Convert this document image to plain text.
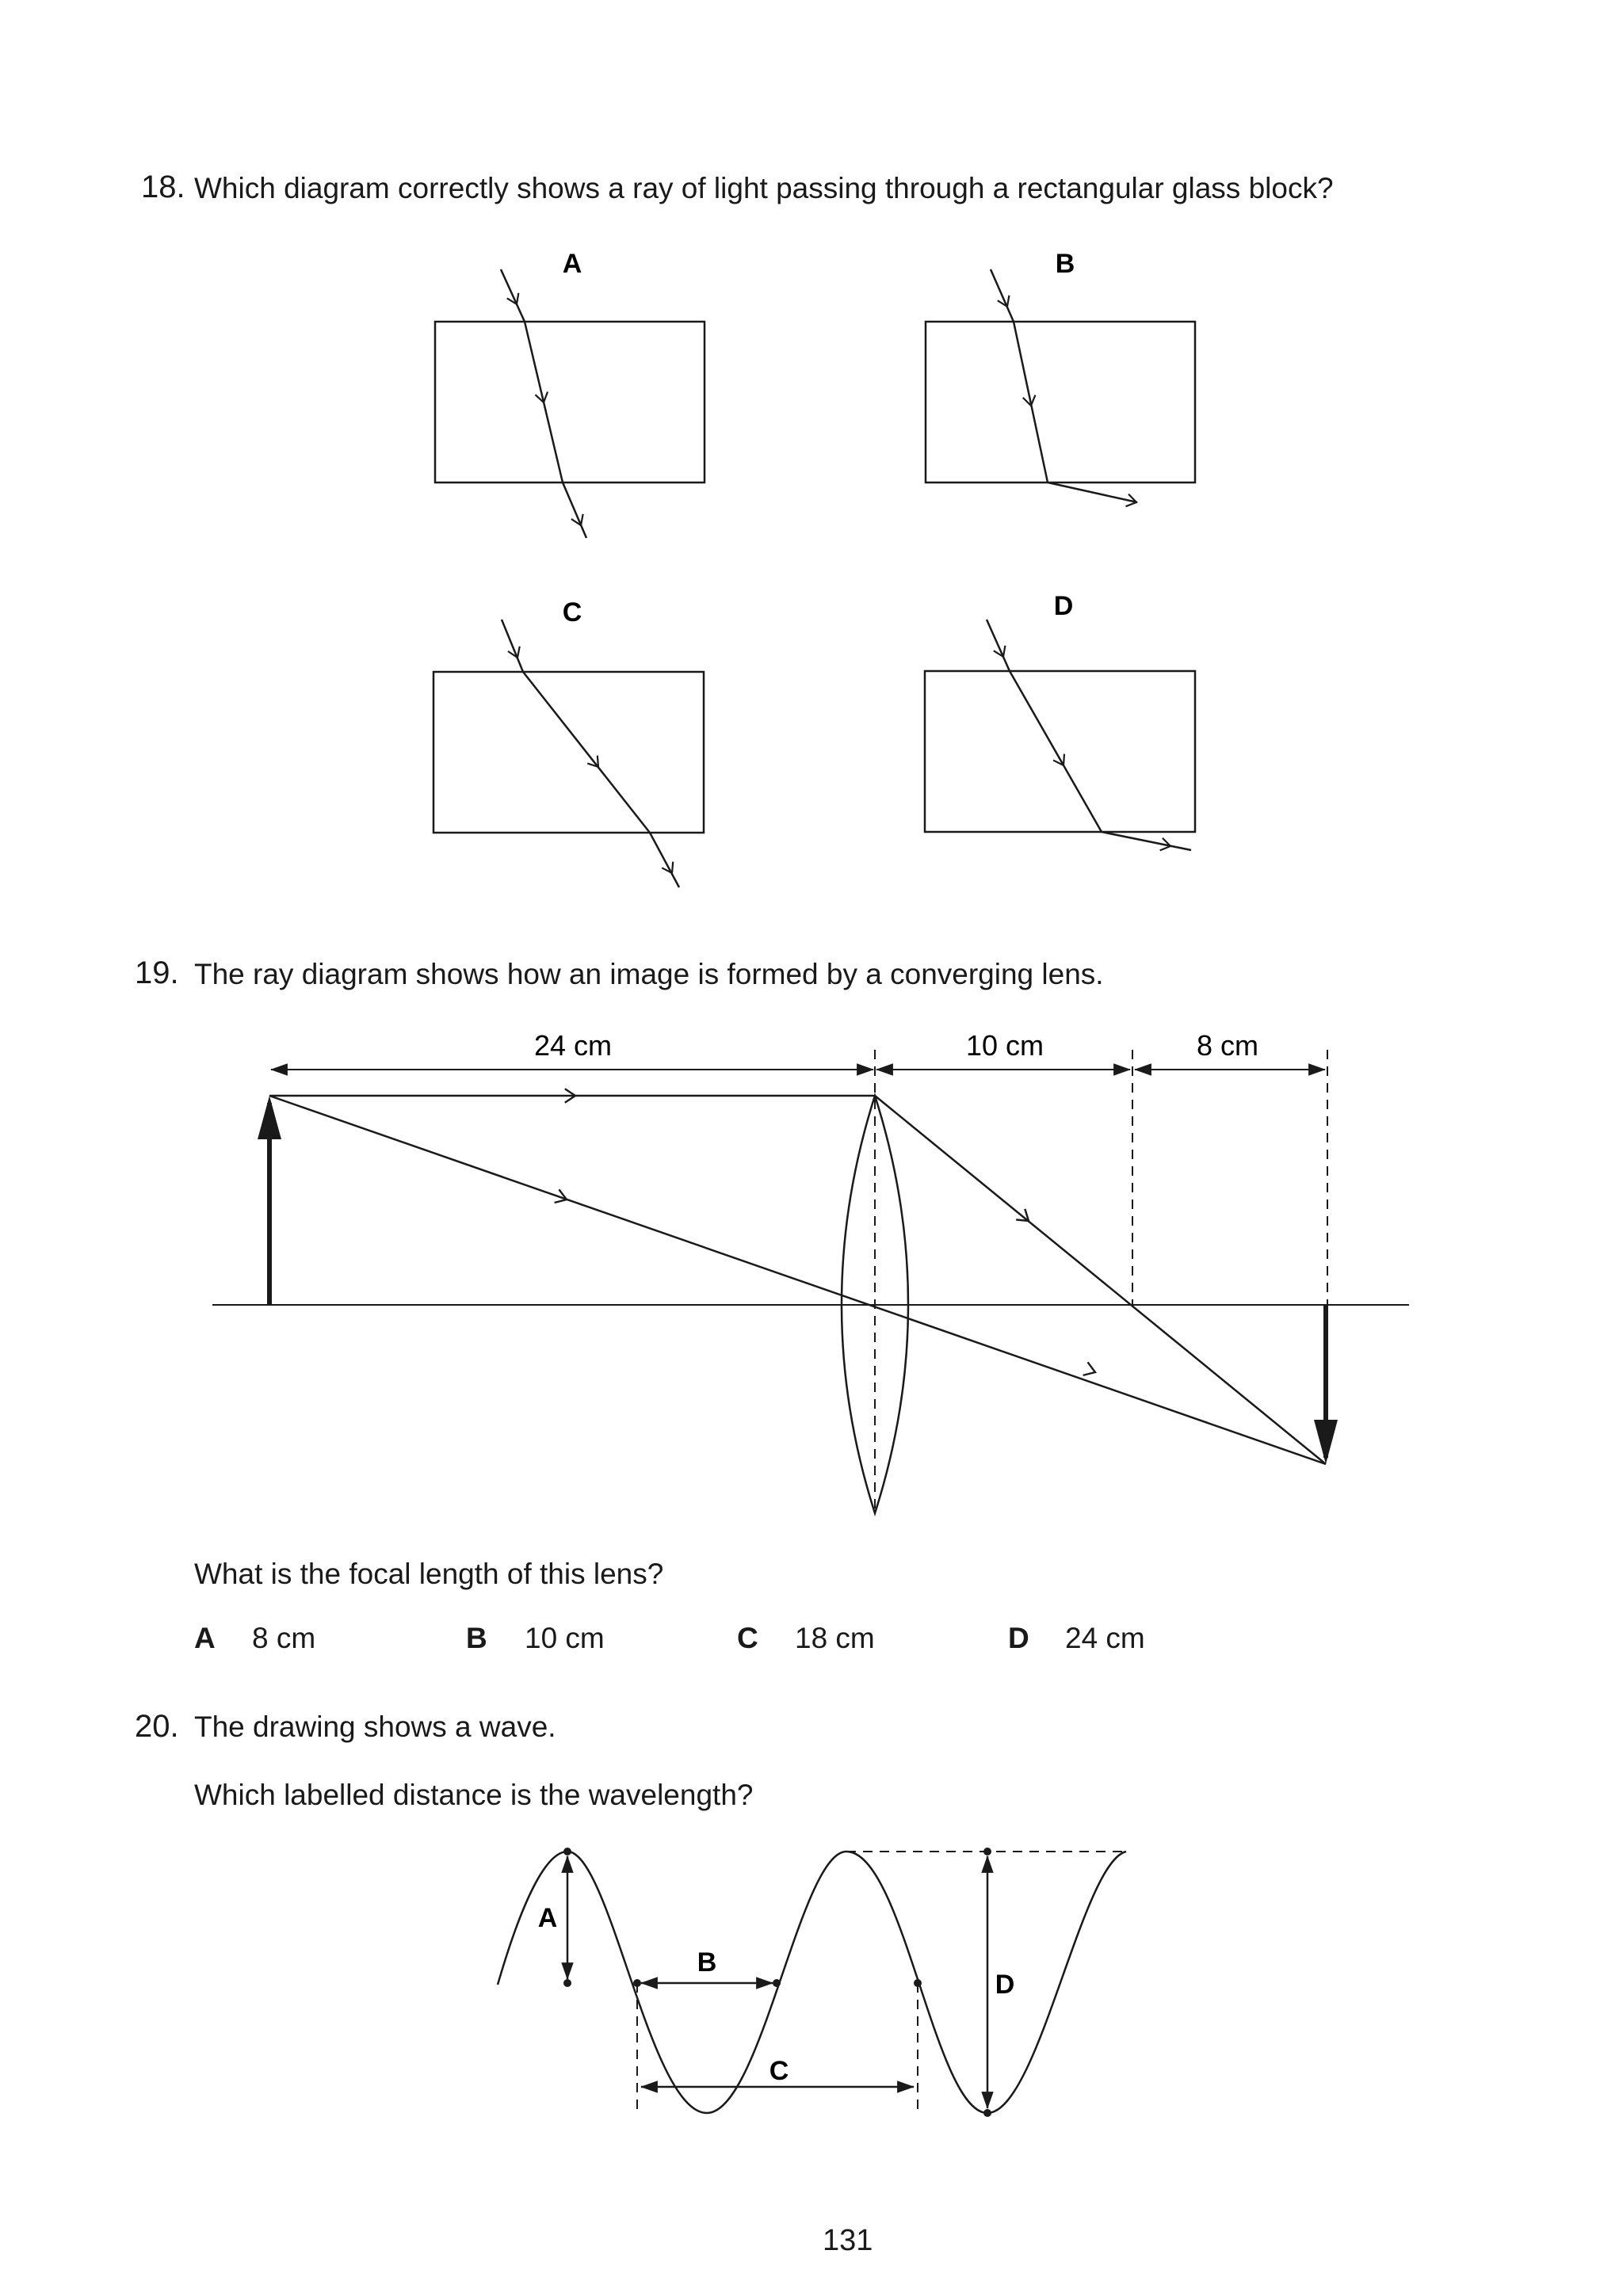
18. Which diagram correctly shows a ray of light passing through a rectangular glass block?
A	B
C	D
19. The ray diagram shows how an image is formed by a converging lens.
24 cm	10 cm	8 cm
What is the focal length of this lens?
A 8 cm	B 10 cm	C 18 cm	D 24 cm
20. The drawing shows a wave.
Which labelled distance is the wavelength?
A
B
C
D
131
